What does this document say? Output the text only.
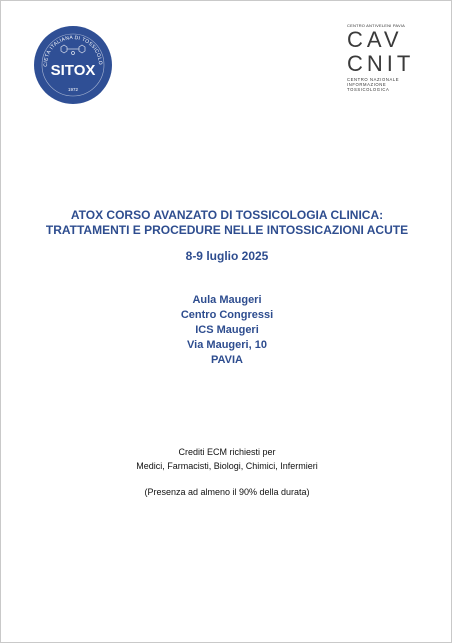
CIETÀ ITALIANA DI TOSSICOLO
SITOX
1972
CENTRO ANTIVELENI PAVIA
CAV
CNIT
CENTRO NAZIONALE
INFORMAZIONE
TOSSICOLOGICA
ATOX CORSO AVANZATO DI TOSSICOLOGIA CLINICA:
TRATTAMENTI E PROCEDURE NELLE INTOSSICAZIONI ACUTE
8-9 luglio 2025
Aula Maugeri
Centro Congressi
ICS Maugeri
Via Maugeri, 10
PAVIA
Crediti ECM richiesti per
Medici, Farmacisti, Biologi, Chimici, Infermieri
(Presenza ad almeno il 90% della durata)
